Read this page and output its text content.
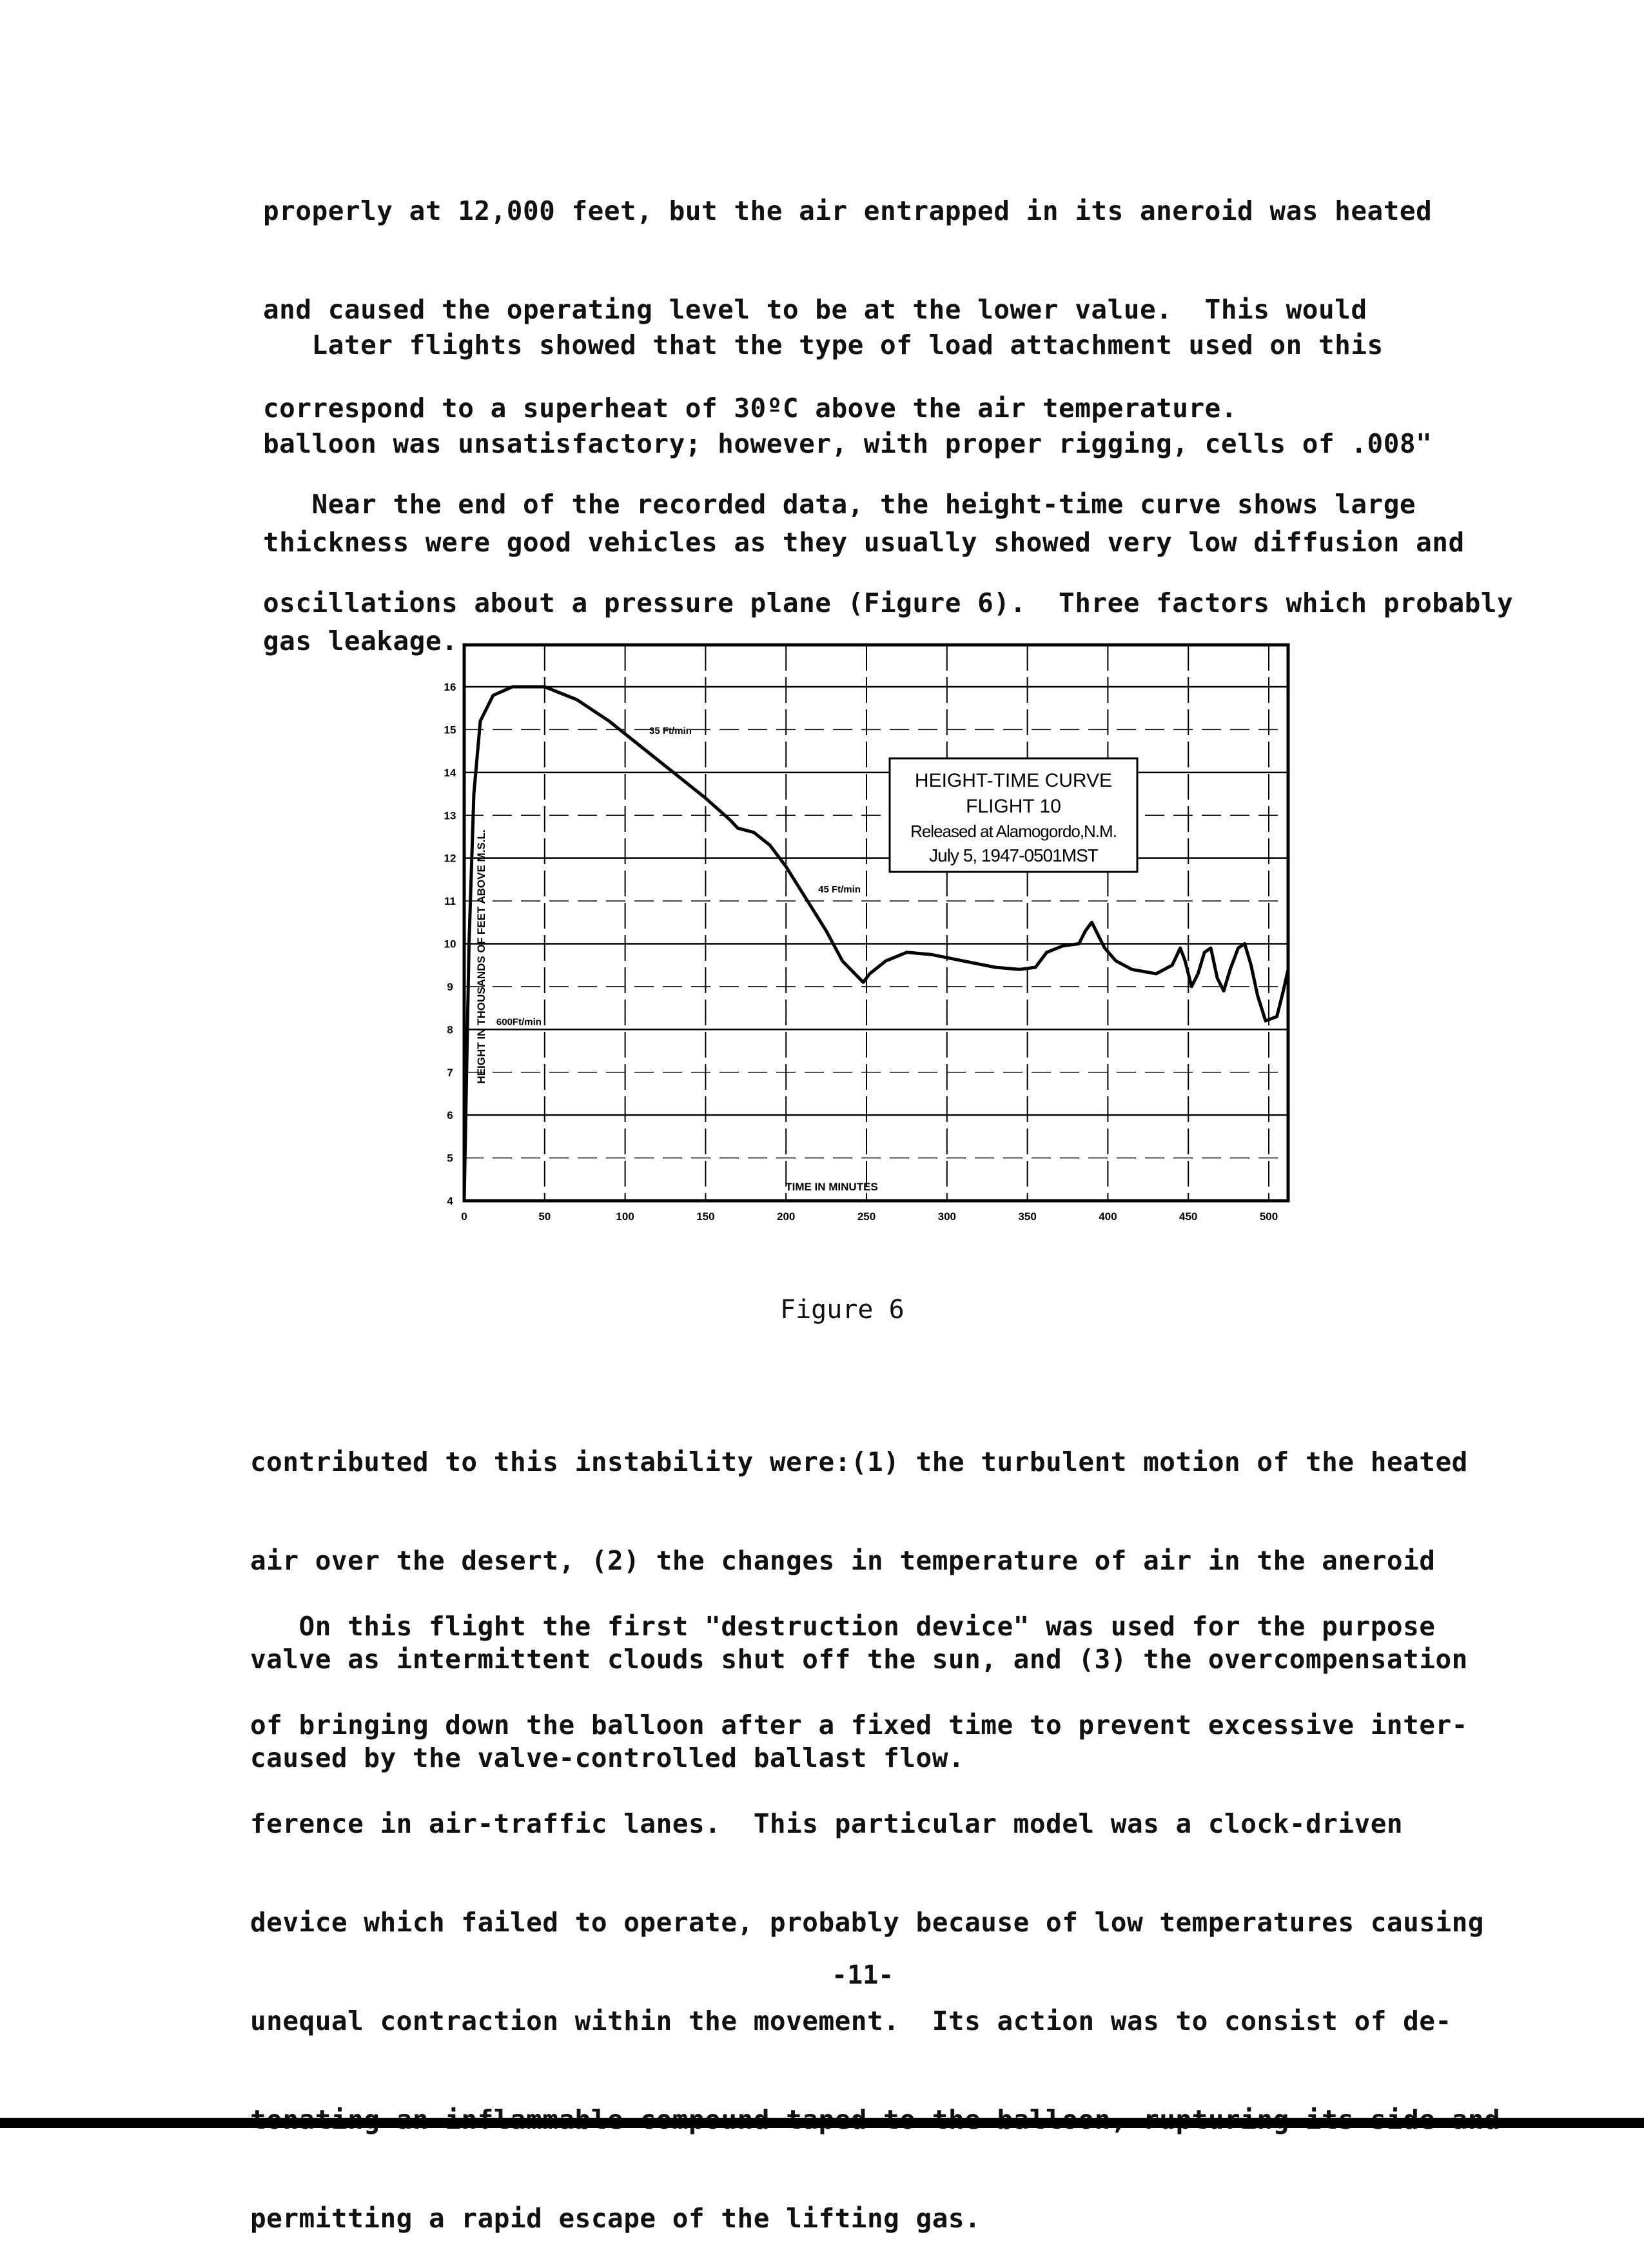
properly at 12,000 feet, but the air entrapped in its aneroid was heated

and caused the operating level to be at the lower value.  This would

correspond to a superheat of 30ºC above the air temperature.

Later flights showed that the type of load attachment used on this

balloon was unsatisfactory; however, with proper rigging, cells of .008"

thickness were good vehicles as they usually showed very low diffusion and

gas leakage.

Near the end of the recorded data, the height-time curve shows large

oscillations about a pressure plane (Figure 6).  Three factors which probably

0	50	100	150	200	250	300	350	400	450	500
4
5
6
7
8
9
10
11
12
13
14
15
16
TIME IN MINUTES
HEIGHT IN THOUSANDS OF FEET ABOVE M.S.L. 600Ft/min
35 Ft/min
45 Ft/min
HEIGHT-TIME CURVE
FLIGHT 10
Released at Alamogordo,N.M.
July 5, 1947-0501MST
Figure 6

contributed to this instability were:(1) the turbulent motion of the heated

air over the desert, (2) the changes in temperature of air in the aneroid

valve as intermittent clouds shut off the sun, and (3) the overcompensation

caused by the valve-controlled ballast flow.

On this flight the first "destruction device" was used for the purpose

of bringing down the balloon after a fixed time to prevent excessive inter-

ference in air-traffic lanes.  This particular model was a clock-driven

device which failed to operate, probably because of low temperatures causing

unequal contraction within the movement.  Its action was to consist of de-

permitting a rapid escape of the lifting gas.

-11-
